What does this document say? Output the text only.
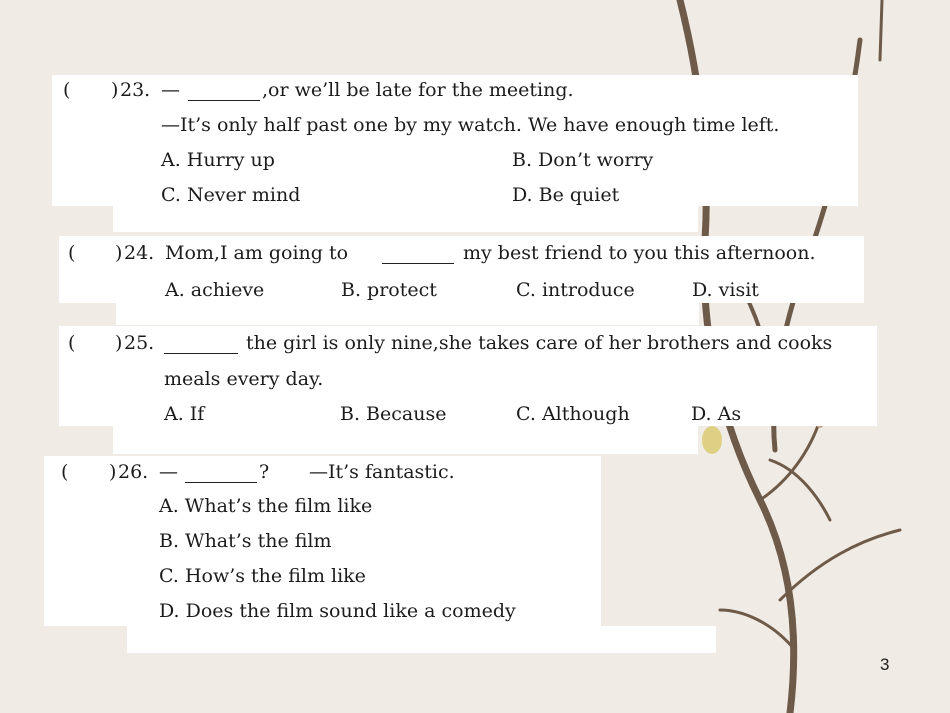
( ) 23. —	,or we’ll be late for the meeting.
—It’s only half past one by my watch. We have enough time left.
A. Hurry up	B. Don’t worry
C. Never mind	D. Be quiet
( ) 24. Mom,I am going to	my best friend to you this afternoon.
A. achieve	B. protect	C. introduce	D. visit
( ) 25.	the girl is only nine,she takes care of her brothers and cooks
meals every day.
A. If	B. Because	C. Although	D. As
( ) 26. —	? —It’s fantastic.
A. What’s the film like
B. What’s the film
C. How’s the film like
D. Does the film sound like a comedy
3
